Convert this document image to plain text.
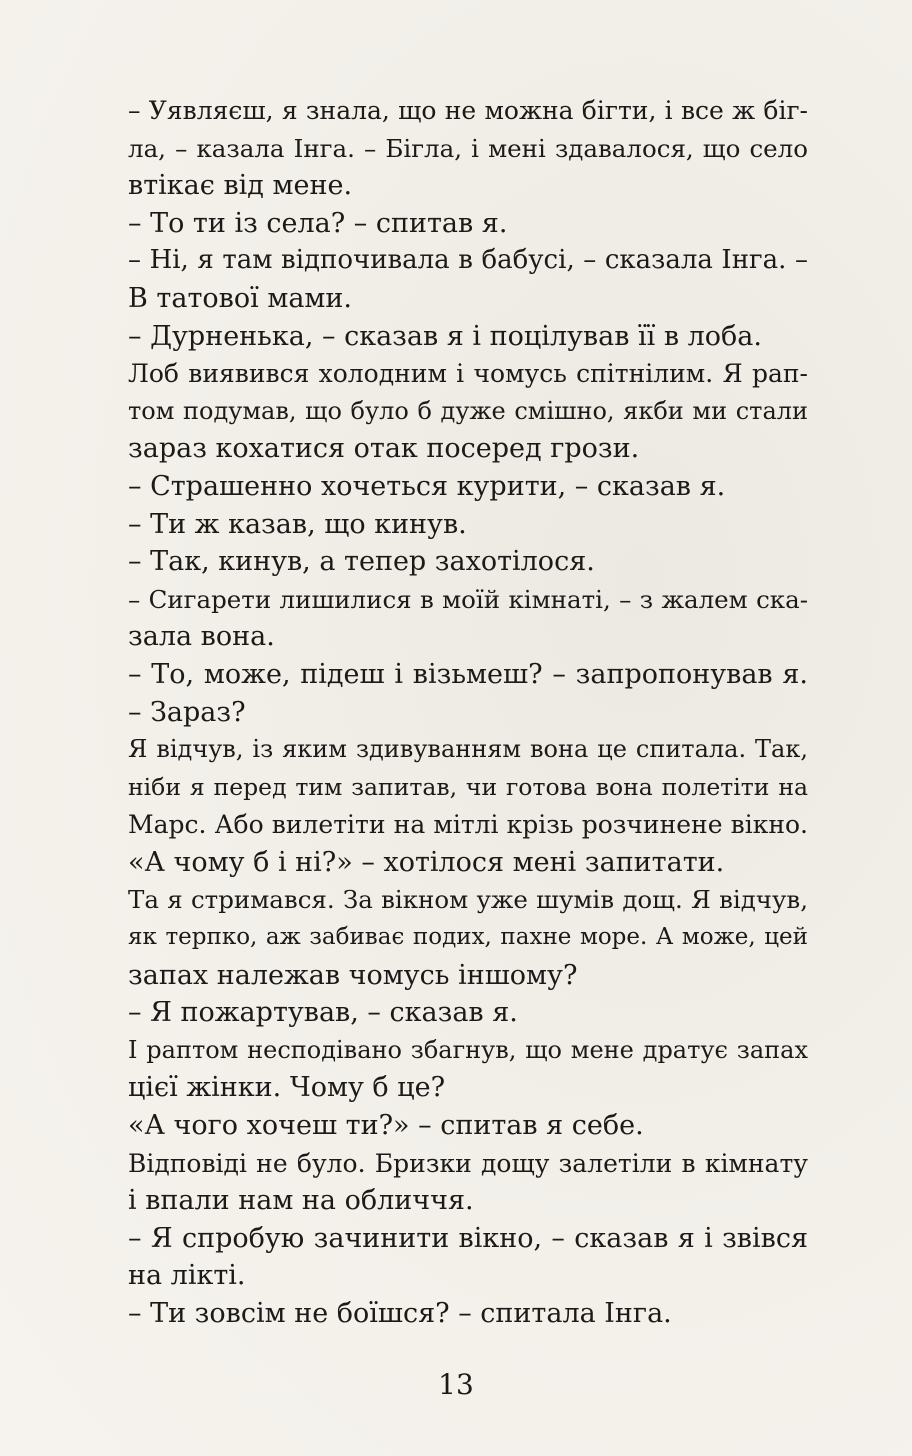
– Уявляєш, я знала, що не можна бігти, і все ж біг-
ла, – казала Інга. – Бігла, і мені здавалося, що село
втікає від мене.
– То ти із села? – спитав я.
– Ні, я там відпочивала в бабусі, – сказала Інга. –
В татової мами.
– Дурненька, – сказав я і поцілував її в лоба.
Лоб виявився холодним і чомусь спітнілим. Я рап-
том подумав, що було б дуже смішно, якби ми стали
зараз кохатися отак посеред грози.
– Страшенно хочеться курити, – сказав я.
– Ти ж казав, що кинув.
– Так, кинув, а тепер захотілося.
– Сигарети лишилися в моїй кімнаті, – з жалем ска-
зала вона.
– То, може, підеш і візьмеш? – запропонував я.
– Зараз?
Я відчув, із яким здивуванням вона це спитала. Так,
ніби я перед тим запитав, чи готова вона полетіти на
Марс. Або вилетіти на мітлі крізь розчинене вікно.
«А чому б і ні?» – хотілося мені запитати.
Та я стримався. За вікном уже шумів дощ. Я відчув,
як терпко, аж забиває подих, пахне море. А може, цей
запах належав чомусь іншому?
– Я пожартував, – сказав я.
І раптом несподівано збагнув, що мене дратує запах
цієї жінки. Чому б це?
«А чого хочеш ти?» – спитав я себе.
Відповіді не було. Бризки дощу залетіли в кімнату
і впали нам на обличчя.
– Я спробую зачинити вікно, – сказав я і звівся
на лікті.
– Ти зовсім не боїшся? – спитала Інга.
13
